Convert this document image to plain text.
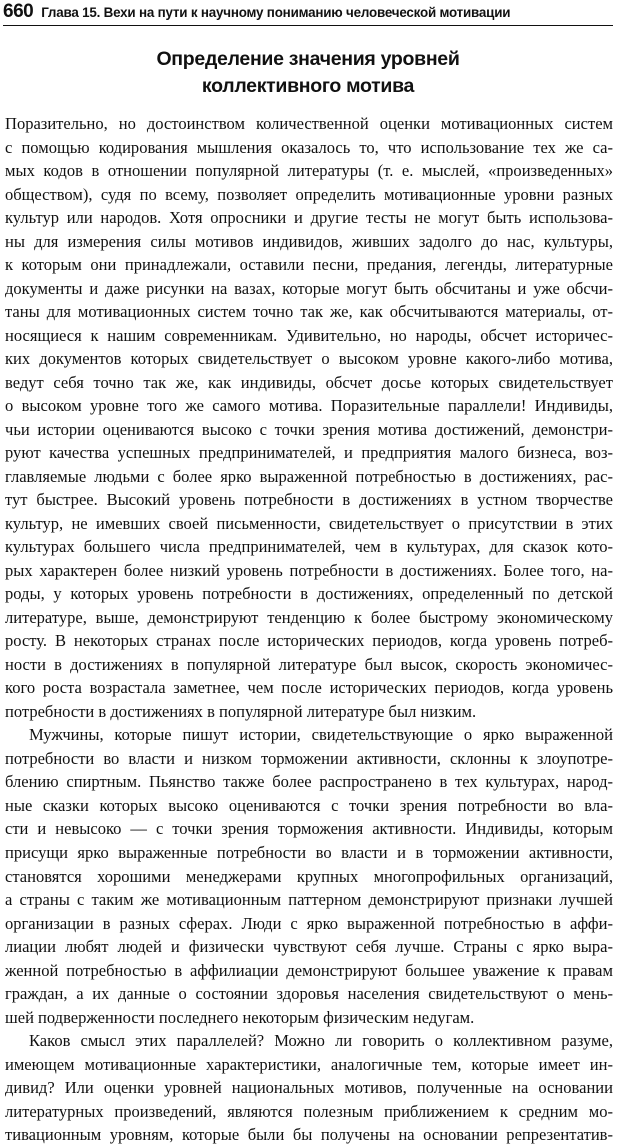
660 Глава 15. Вехи на пути к научному пониманию человеческой мотивации
Определение значения уровней
коллективного мотива

Поразительно, но достоинством количественной оценки мотивационных систем
с помощью кодирования мышления оказалось то, что использование тех же са-
мых кодов в отношении популярной литературы (т. е. мыслей, «произведенных»
обществом), судя по всему, позволяет определить мотивационные уровни разных
культур или народов. Хотя опросники и другие тесты не могут быть использова-
ны для измерения силы мотивов индивидов, живших задолго до нас, культуры,
к которым они принадлежали, оставили песни, предания, легенды, литературные
документы и даже рисунки на вазах, которые могут быть обсчитаны и уже обсчи-
таны для мотивационных систем точно так же, как обсчитываются материалы, от-
носящиеся к нашим современникам. Удивительно, но народы, обсчет историчес-
ких документов которых свидетельствует о высоком уровне какого-либо мотива,
ведут себя точно так же, как индивиды, обсчет досье которых свидетельствует
о высоком уровне того же самого мотива. Поразительные параллели! Индивиды,
чьи истории оцениваются высоко с точки зрения мотива достижений, демонстри-
руют качества успешных предпринимателей, и предприятия малого бизнеса, воз-
главляемые людьми с более ярко выраженной потребностью в достижениях, рас-
тут быстрее. Высокий уровень потребности в достижениях в устном творчестве
культур, не имевших своей письменности, свидетельствует о присутствии в этих
культурах большего числа предпринимателей, чем в культурах, для сказок кото-
рых характерен более низкий уровень потребности в достижениях. Более того, на-
роды, у которых уровень потребности в достижениях, определенный по детской
литературе, выше, демонстрируют тенденцию к более быстрому экономическому
росту. В некоторых странах после исторических периодов, когда уровень потреб-
ности в достижениях в популярной литературе был высок, скорость экономичес-
кого роста возрастала заметнее, чем после исторических периодов, когда уровень
потребности в достижениях в популярной литературе был низким.

Мужчины, которые пишут истории, свидетельствующие о ярко выраженной
потребности во власти и низком торможении активности, склонны к злоупотре-
блению спиртным. Пьянство также более распространено в тех культурах, народ-
ные сказки которых высоко оцениваются с точки зрения потребности во вла-
сти и невысоко — с точки зрения торможения активности. Индивиды, которым
присущи ярко выраженные потребности во власти и в торможении активности,
становятся хорошими менеджерами крупных многопрофильных организаций,
а страны с таким же мотивационным паттерном демонстрируют признаки лучшей
организации в разных сферах. Люди с ярко выраженной потребностью в аффи-
лиации любят людей и физически чувствуют себя лучше. Страны с ярко выра-
женной потребностью в аффилиации демонстрируют большее уважение к правам
граждан, а их данные о состоянии здоровья населения свидетельствуют о мень-
шей подверженности последнего некоторым физическим недугам.

Каков смысл этих параллелей? Можно ли говорить о коллективном разуме,
имеющем мотивационные характеристики, аналогичные тем, которые имеет ин-
дивид? Или оценки уровней национальных мотивов, полученные на основании
литературных произведений, являются полезным приближением к средним мо-
тивационным уровням, которые были бы получены на основании репрезентатив-
